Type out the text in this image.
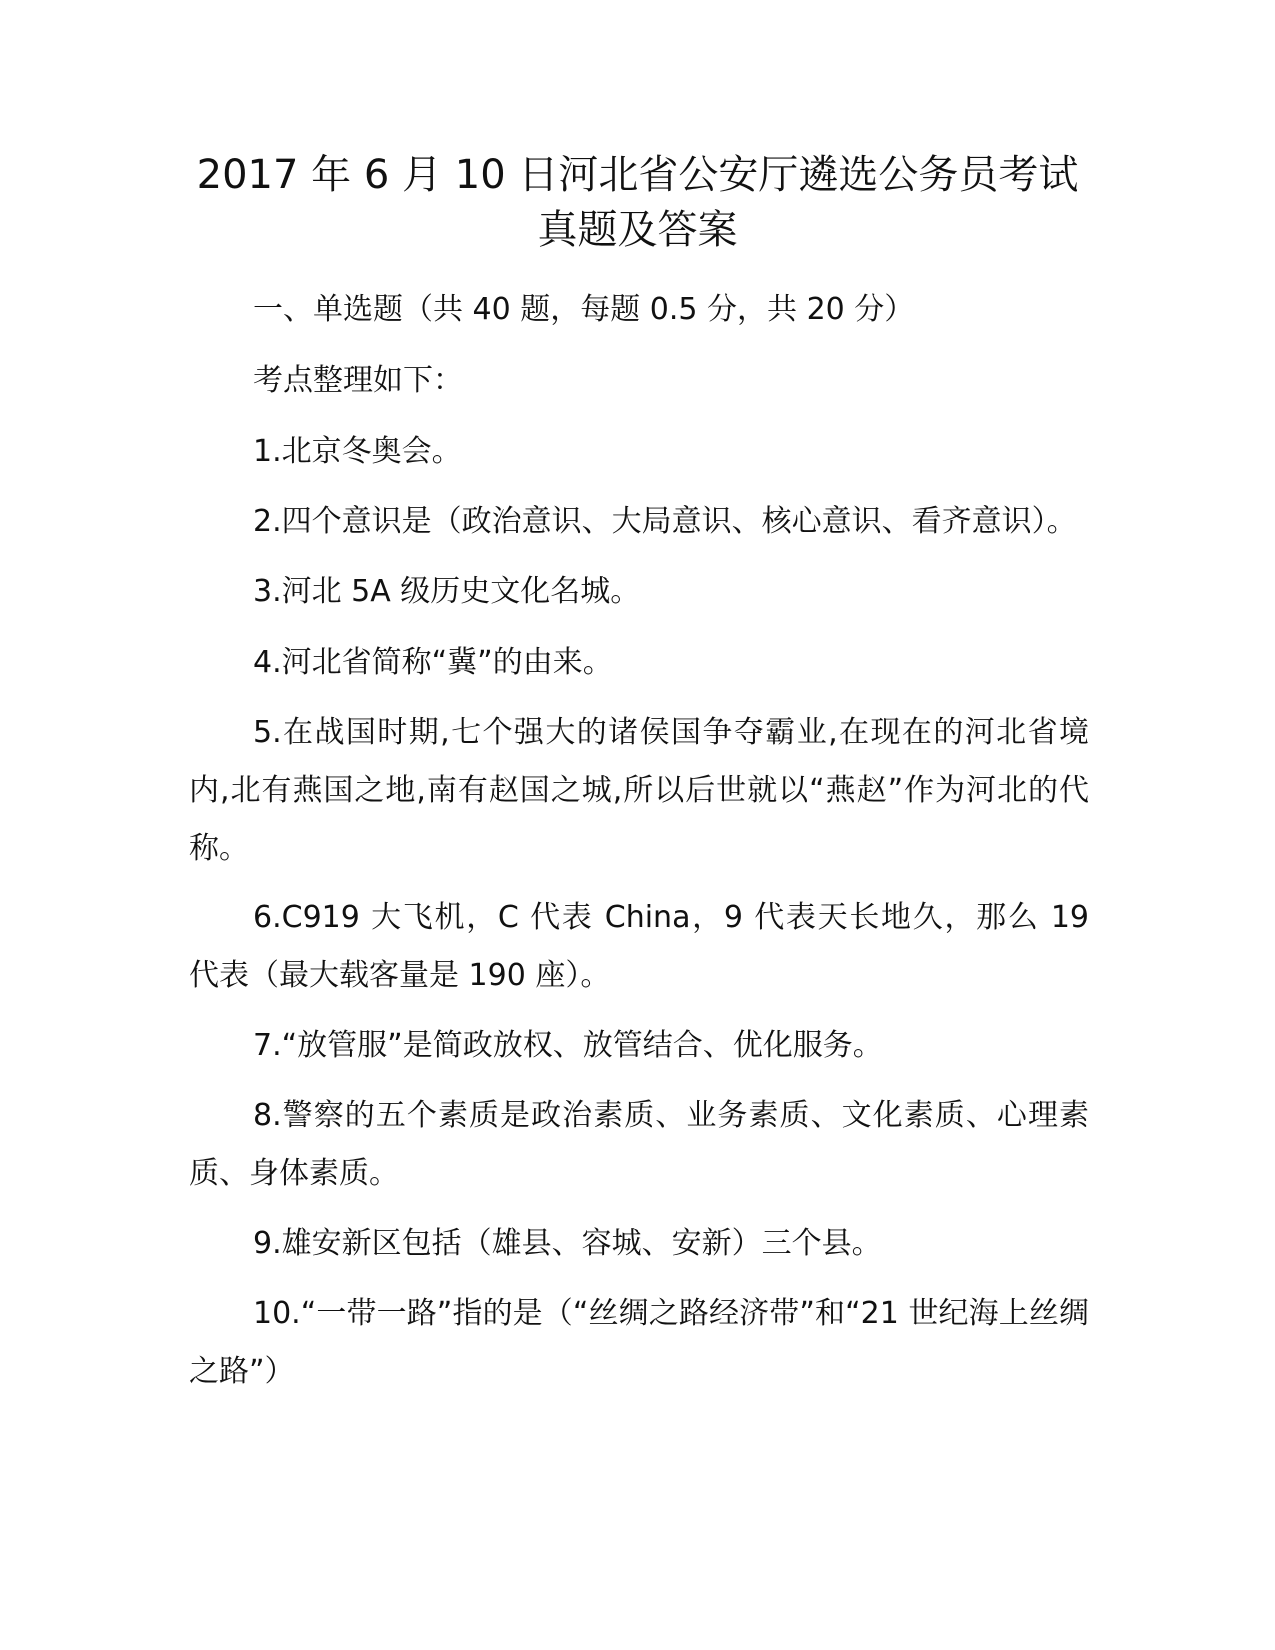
2017 年 6 月 10 日河北省公安厅遴选公务员考试
真题及答案

一、单选题（共 40 题，每题 0.5 分，共 20 分）

考点整理如下：

1.北京冬奥会。

2.四个意识是（政治意识、大局意识、核心意识、看齐意识）。

3.河北 5A 级历史文化名城。

4.河北省简称“冀”的由来。

5.在战国时期,七个强大的诸侯国争夺霸业,在现在的河北省境内,北有燕国之地,南有赵国之城,所以后世就以“燕赵”作为河北的代称。

6.C919 大飞机，C 代表 China，9 代表天长地久，那么 19 代表（最大载客量是 190 座）。

7.“放管服”是简政放权、放管结合、优化服务。

8.警察的五个素质是政治素质、业务素质、文化素质、心理素质、身体素质。

9.雄安新区包括（雄县、容城、安新）三个县。

10.“一带一路”指的是（“丝绸之路经济带”和“21 世纪海上丝绸之路”）
